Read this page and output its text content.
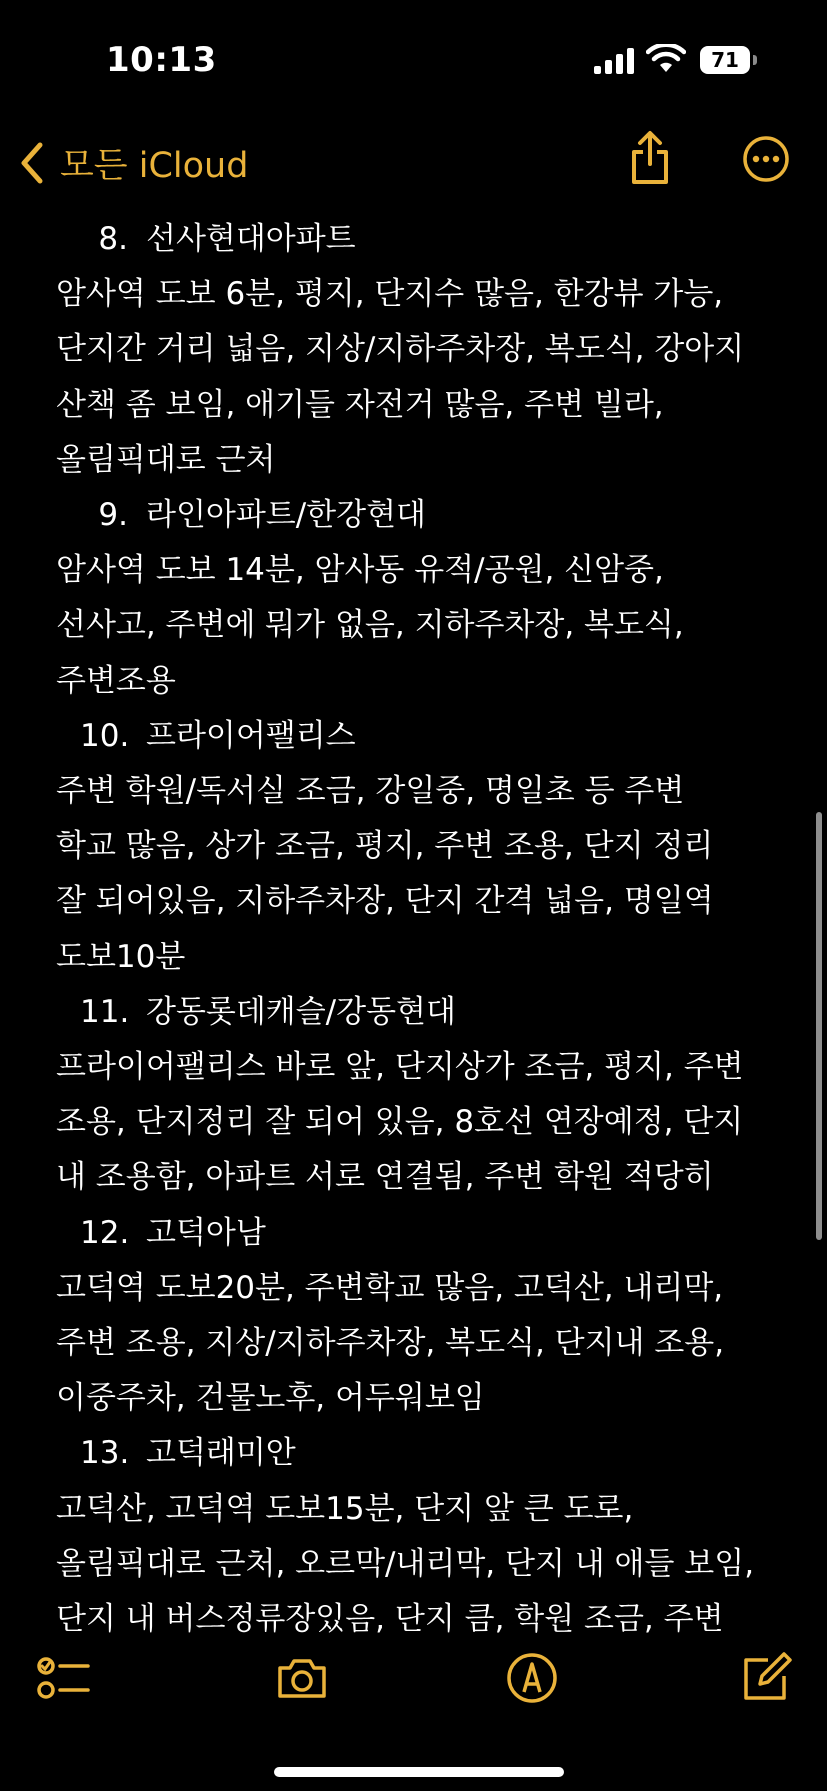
10:13	71
모든 iCloud
8. 선사현대아파트
암사역 도보 6분, 평지, 단지수 많음, 한강뷰 가능,
단지간 거리 넓음, 지상/지하주차장, 복도식, 강아지
산책 좀 보임, 애기들 자전거 많음, 주변 빌라,
올림픽대로 근처
9. 라인아파트/한강현대
암사역 도보 14분, 암사동 유적/공원, 신암중,
선사고, 주변에 뭐가 없음, 지하주차장, 복도식,
주변조용
10. 프라이어팰리스
주변 학원/독서실 조금, 강일중, 명일초 등 주변
학교 많음, 상가 조금, 평지, 주변 조용, 단지 정리
잘 되어있음, 지하주차장, 단지 간격 넓음, 명일역
도보10분
11. 강동롯데캐슬/강동현대
프라이어팰리스 바로 앞, 단지상가 조금, 평지, 주변
조용, 단지정리 잘 되어 있음, 8호선 연장예정, 단지
내 조용함, 아파트 서로 연결됨, 주변 학원 적당히
12. 고덕아남
고덕역 도보20분, 주변학교 많음, 고덕산, 내리막,
주변 조용, 지상/지하주차장, 복도식, 단지내 조용,
이중주차, 건물노후, 어두워보임
13. 고덕래미안
고덕산, 고덕역 도보15분, 단지 앞 큰 도로,
올림픽대로 근처, 오르막/내리막, 단지 내 애들 보임,
단지 내 버스정류장있음, 단지 큼, 학원 조금, 주변
